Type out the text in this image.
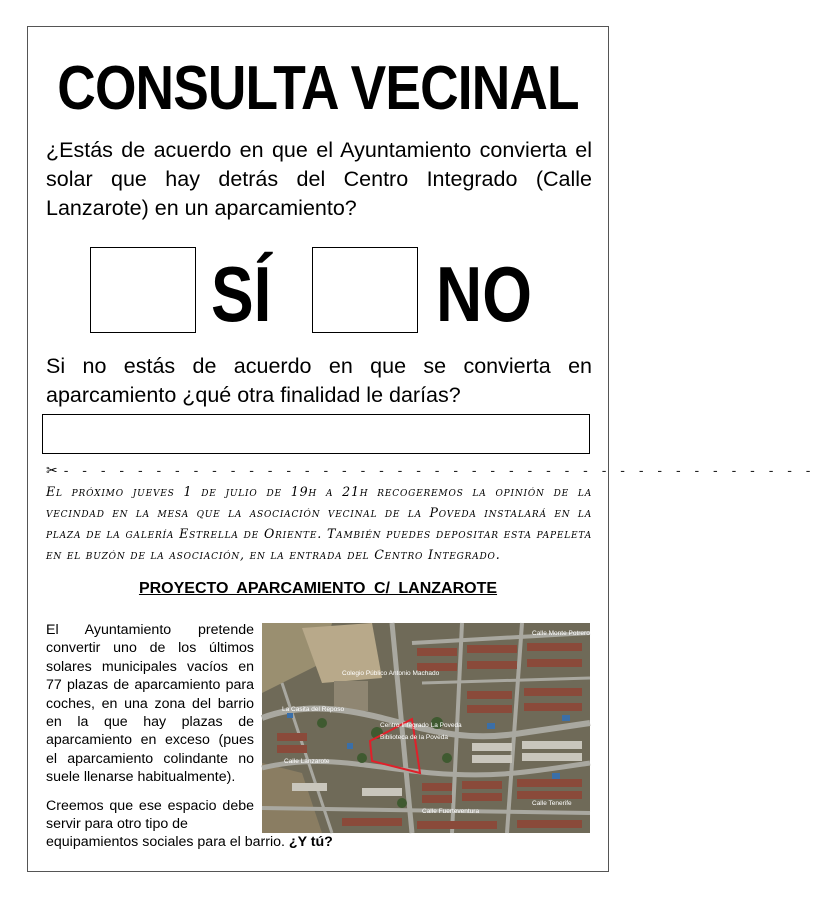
CONSULTA VECINAL
¿Estás de acuerdo en que el Ayuntamiento convierta el solar que hay detrás del Centro Integrado (Calle Lanzarote) en un aparcamiento?
SÍ NO
Si no estás de acuerdo en que se convierta en aparcamiento ¿qué otra finalidad le darías?
✂ - - - - - - - - - - - - - - - - - - - - - - - - - - - - - - - - - - - - - - - - -
El próximo jueves 1 de julio de 19h a 21h recogeremos la opinión de la vecindad en la mesa que la asociación vecinal de la Poveda instalará en la plaza de la galería Estrella de Oriente. También puedes depositar esta papeleta en el buzón de la asociación, en la entrada del Centro Integrado.
PROYECTO APARCAMIENTO C/ LANZAROTE
El Ayuntamiento pretende convertir uno de los últimos solares municipales vacíos en 77 plazas de aparcamiento para coches, en una zona del barrio en la que hay plazas de aparcamiento en exceso (pues el aparcamiento colindante no suele llenarse habitualmente).
Creemos que ese espacio debe servir para otro tipo de
equipamientos sociales para el barrio. ¿Y tú?
Colegio Público Antonio Machado
Centro Integrado La Poveda
Biblioteca de la Poveda
La Casita del Reposo
Calle Monte Potrero
Calle Tenerife
Calle Fuerteventura
Calle Lanzarote
